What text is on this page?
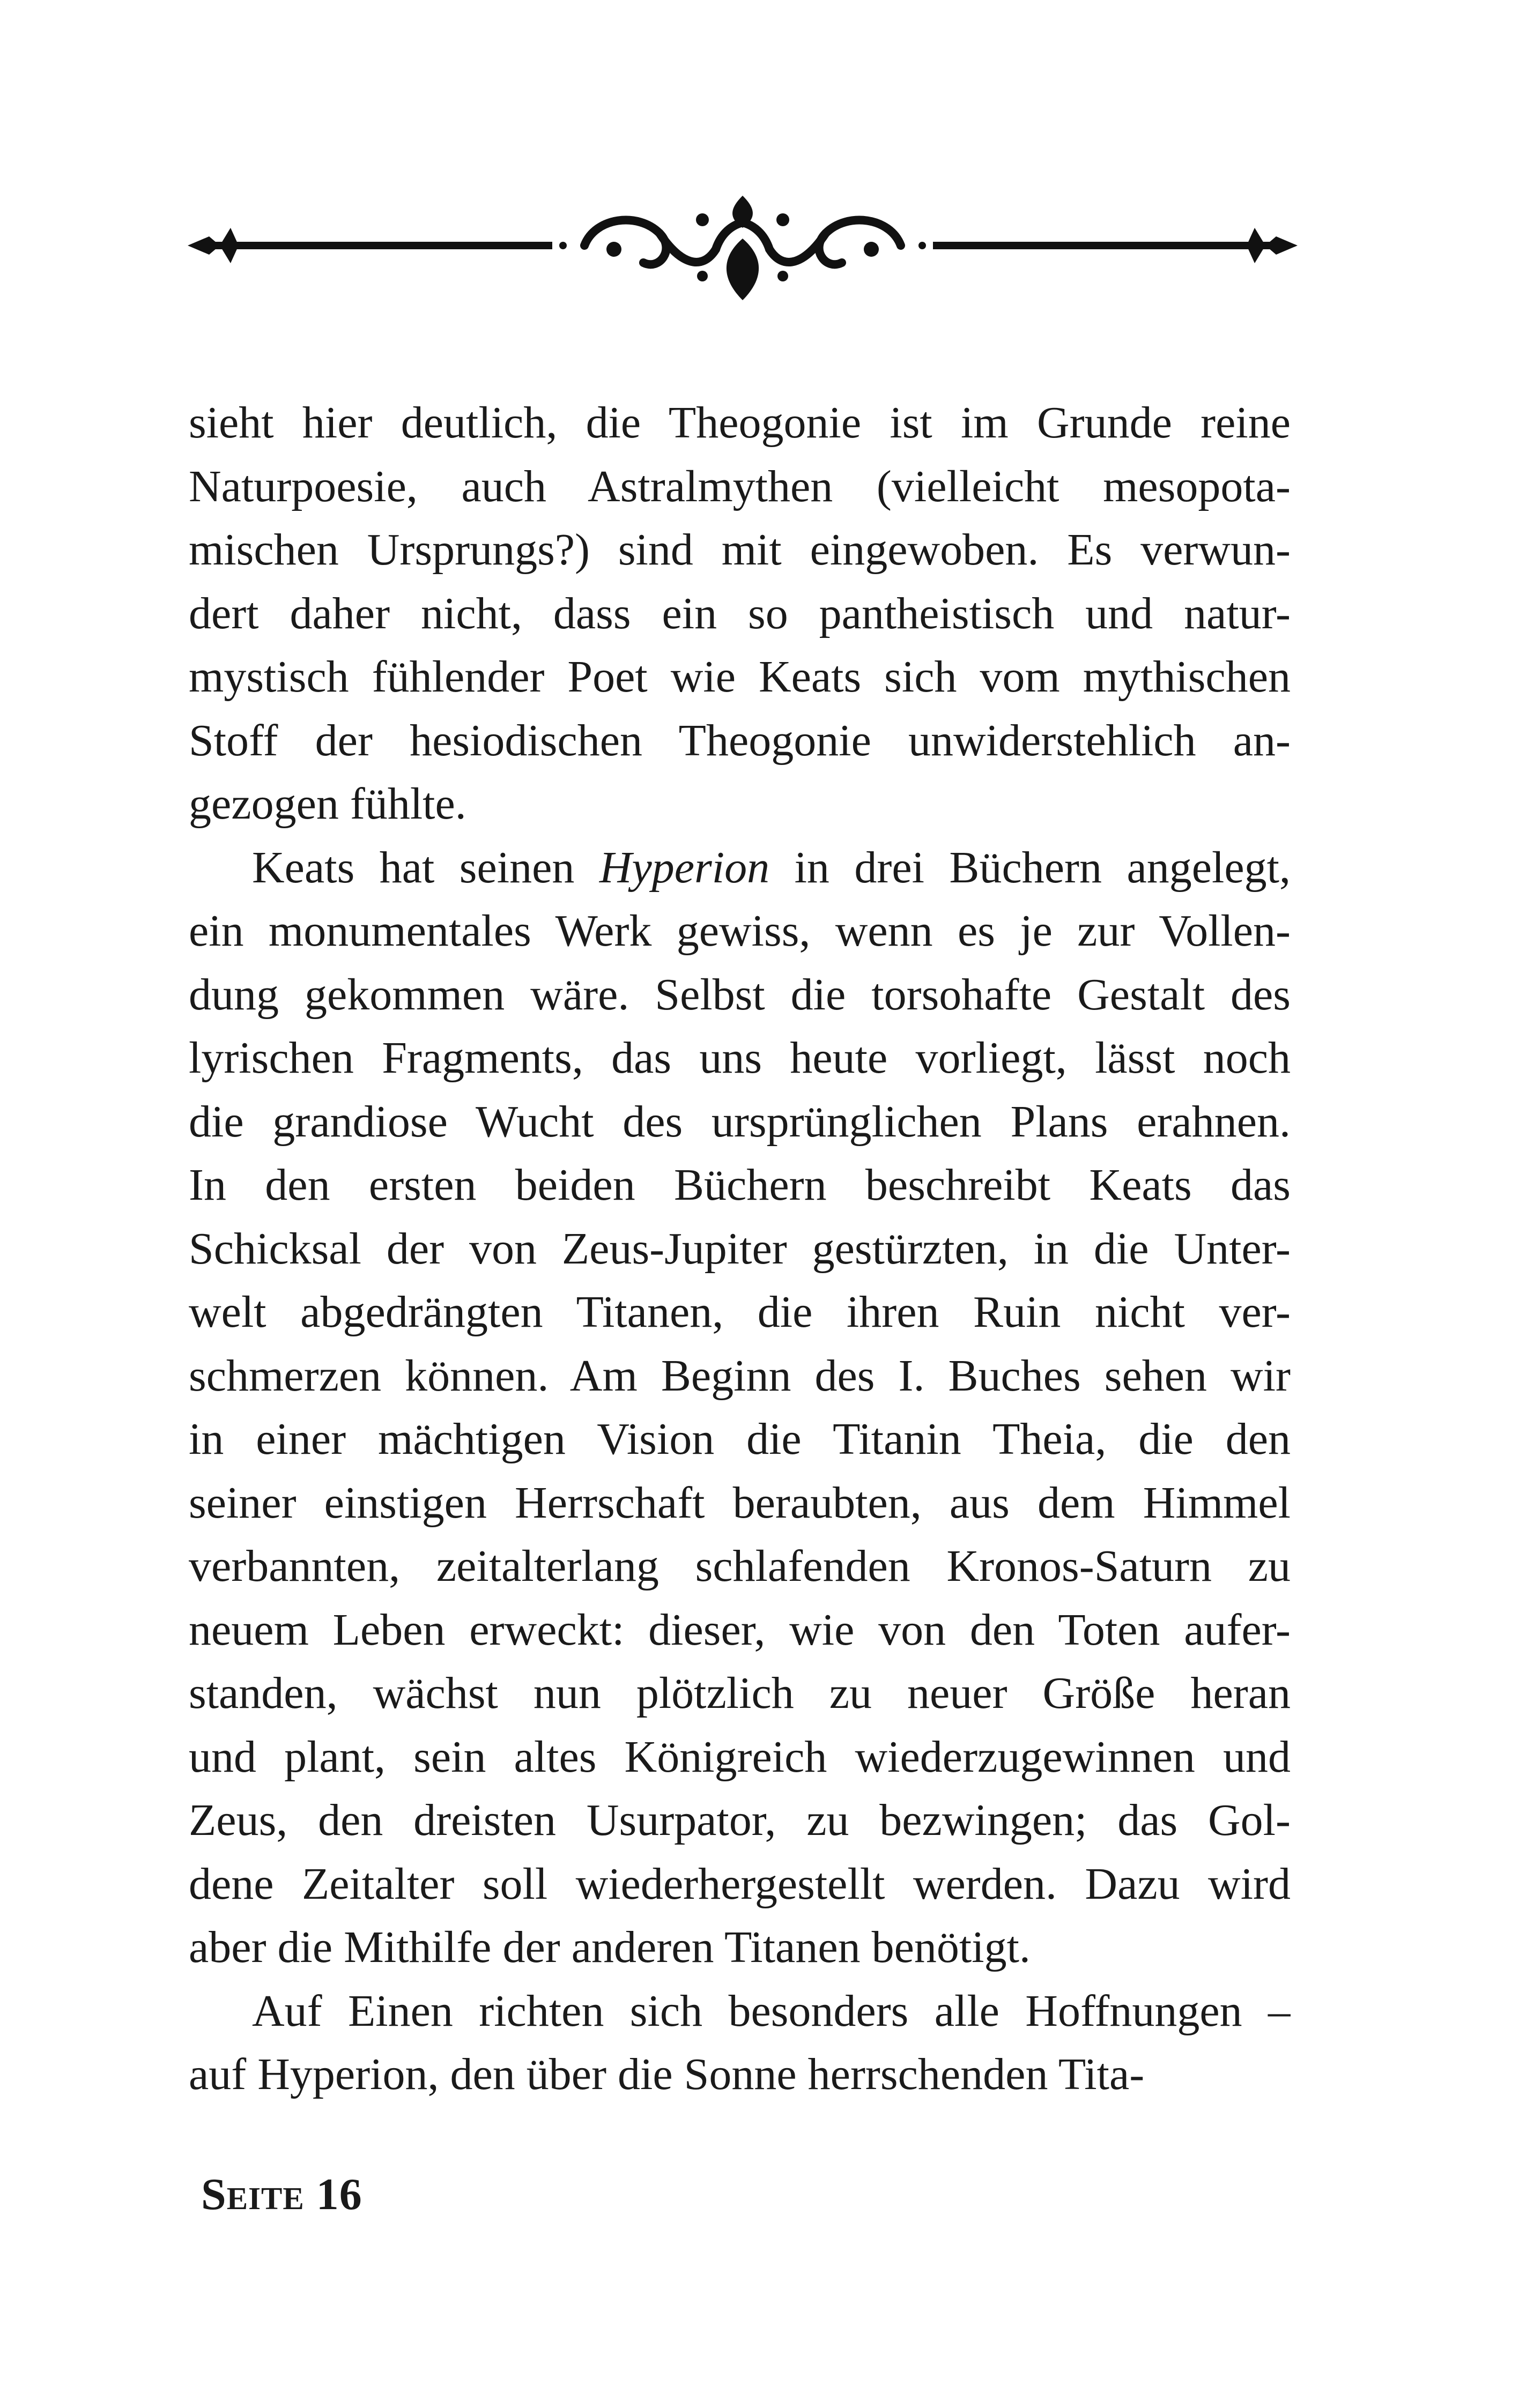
sieht hier deutlich, die Theogonie ist im Grunde reine
Naturpoesie, auch Astralmythen (vielleicht mesopota-
mischen Ursprungs?) sind mit eingewoben. Es verwun-
dert daher nicht, dass ein so pantheistisch und natur-
mystisch fühlender Poet wie Keats sich vom mythischen
Stoff der hesiodischen Theogonie unwiderstehlich an-
gezogen fühlte.

Keats hat seinen Hyperion in drei Büchern angelegt,
ein monumentales Werk gewiss, wenn es je zur Vollen-
dung gekommen wäre. Selbst die torsohafte Gestalt des
lyrischen Fragments, das uns heute vorliegt, lässt noch
die grandiose Wucht des ursprünglichen Plans erahnen.
In den ersten beiden Büchern beschreibt Keats das
Schicksal der von Zeus-Jupiter gestürzten, in die Unter-
welt abgedrängten Titanen, die ihren Ruin nicht ver-
schmerzen können. Am Beginn des I. Buches sehen wir
in einer mächtigen Vision die Titanin Theia, die den
seiner einstigen Herrschaft beraubten, aus dem Himmel
verbannten, zeitalterlang schlafenden Kronos-Saturn zu
neuem Leben erweckt: dieser, wie von den Toten aufer-
standen, wächst nun plötzlich zu neuer Größe heran
und plant, sein altes Königreich wiederzugewinnen und
Zeus, den dreisten Usurpator, zu bezwingen; das Gol-
dene Zeitalter soll wiederhergestellt werden. Dazu wird
aber die Mithilfe der anderen Titanen benötigt.

Auf Einen richten sich besonders alle Hoffnungen –
auf Hyperion, den über die Sonne herrschenden Tita-

Seite 16
